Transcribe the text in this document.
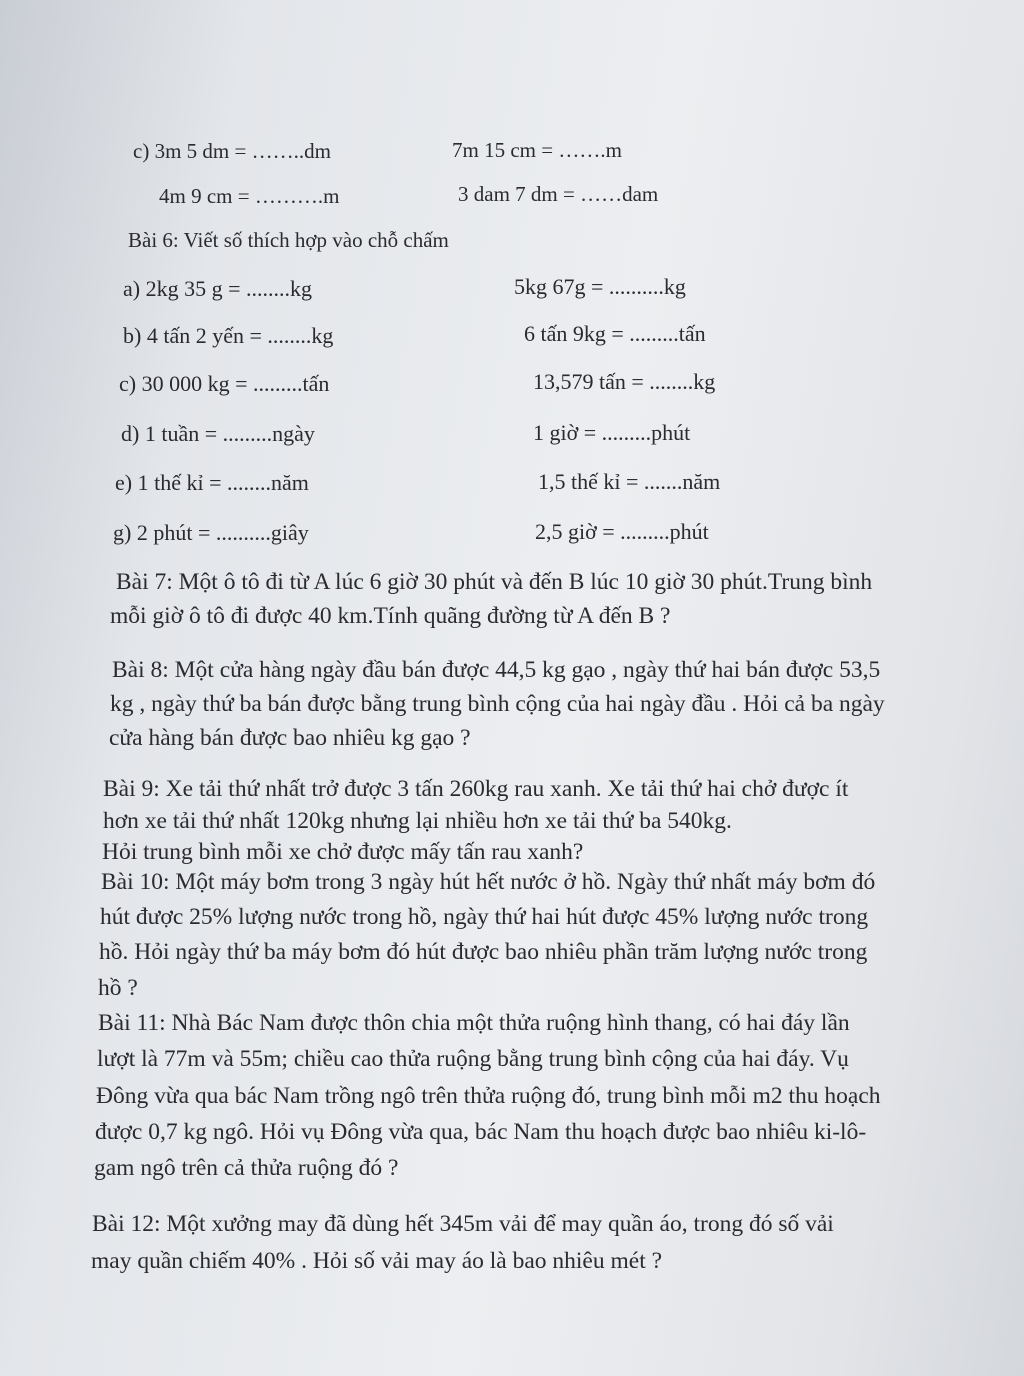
c) 3m 5 dm = ……..dm	7m 15 cm = …….m
4m 9 cm = ……….m	3 dam 7 dm = ……dam
Bài 6: Viết số thích hợp vào chỗ chấm
a) 2kg 35 g = ........kg	5kg 67g = ..........kg
b) 4 tấn 2 yến = ........kg	6 tấn 9kg = .........tấn
c) 30 000 kg = .........tấn	13,579 tấn = ........kg
d) 1 tuần = .........ngày	1 giờ = .........phút
e) 1 thế kỉ = ........năm	1,5 thế kỉ = .......năm
g) 2 phút = ..........giây	2,5 giờ = .........phút
Bài 7: Một ô tô đi từ A lúc 6 giờ 30 phút và đến B lúc 10 giờ 30 phút.Trung bình
mỗi giờ ô tô đi được 40 km.Tính quãng đường từ A đến B ?
Bài 8: Một cửa hàng ngày đầu bán được 44,5 kg gạo , ngày thứ hai bán được 53,5
kg , ngày thứ ba bán được bằng trung bình cộng của hai ngày đầu . Hỏi cả ba ngày
cửa hàng bán được bao nhiêu kg gạo ?
Bài 9: Xe tải thứ nhất trở được 3 tấn 260kg rau xanh. Xe tải thứ hai chở được ít
hơn xe tải thứ nhất 120kg nhưng lại nhiều hơn xe tải thứ ba 540kg.
Hỏi trung bình mỗi xe chở được mấy tấn rau xanh?
Bài 10: Một máy bơm trong 3 ngày hút hết nước ở hồ. Ngày thứ nhất máy bơm đó
hút được 25% lượng nước trong hồ, ngày thứ hai hút được 45% lượng nước trong
hồ. Hỏi ngày thứ ba máy bơm đó hút được bao nhiêu phần trăm lượng nước trong
hồ ?
Bài 11: Nhà Bác Nam được thôn chia một thửa ruộng hình thang, có hai đáy lần
lượt là 77m và 55m; chiều cao thửa ruộng bằng trung bình cộng của hai đáy. Vụ
Đông vừa qua bác Nam trồng ngô trên thửa ruộng đó, trung bình mỗi m2 thu hoạch
được 0,7 kg ngô. Hỏi vụ Đông vừa qua, bác Nam thu hoạch được bao nhiêu ki-lô-
gam ngô trên cả thửa ruộng đó ?
Bài 12: Một xưởng may đã dùng hết 345m vải để may quần áo, trong đó số vải
may quần chiếm 40% . Hỏi số vải may áo là bao nhiêu mét ?
